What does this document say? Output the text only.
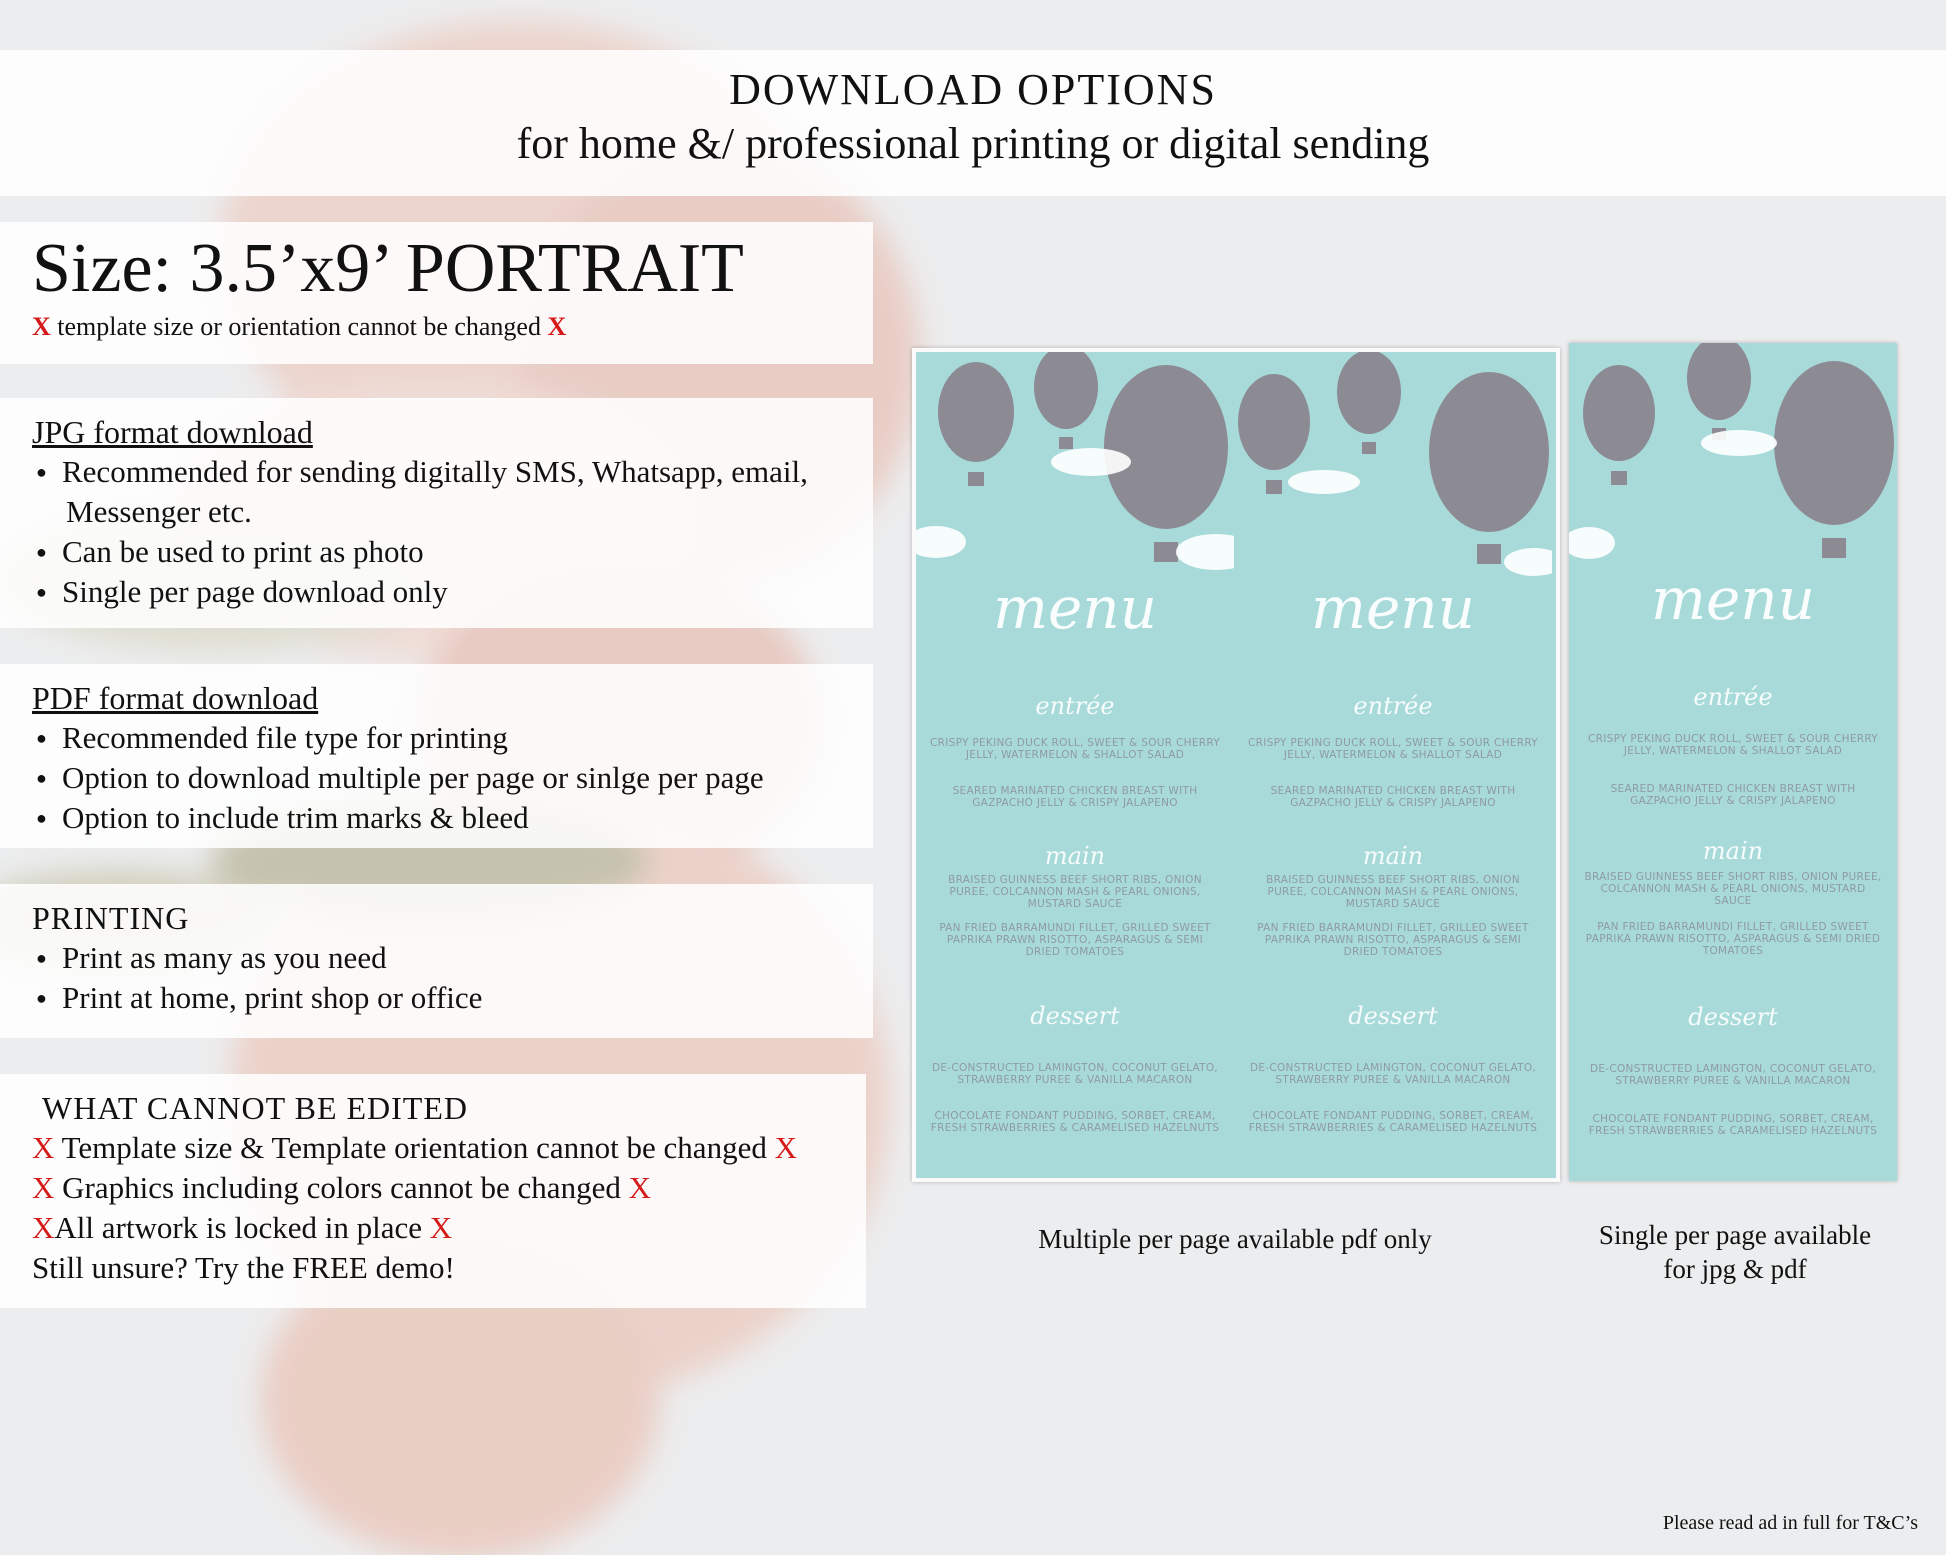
DOWNLOAD OPTIONS
for home &/ professional printing or digital sending
Size: 3.5’x9’ PORTRAIT
X template size or orientation cannot be changed X
JPG format download
● Recommended for sending digitally SMS, Whatsapp, email,
Messenger etc.
● Can be used to print as photo
● Single per page download only
PDF format download
● Recommended file type for printing
● Option to download multiple per page or sinlge per page
● Option to include trim marks & bleed
PRINTING
● Print as many as you need
● Print at home, print shop or office
WHAT CANNOT BE EDITED
X Template size & Template orientation cannot be changed X
X Graphics including colors cannot be changed X
XAll artwork is locked in place X
Still unsure? Try the FREE demo!
menu
entrée
CRISPY PEKING DUCK ROLL, SWEET & SOUR CHERRY JELLY, WATERMELON & SHALLOT SALAD
SEARED MARINATED CHICKEN BREAST WITH GAZPACHO JELLY & CRISPY JALAPENO
main
BRAISED GUINNESS BEEF SHORT RIBS, ONION PUREE, COLCANNON MASH & PEARL ONIONS, MUSTARD SAUCE
PAN FRIED BARRAMUNDI FILLET, GRILLED SWEET PAPRIKA PRAWN RISOTTO, ASPARAGUS & SEMI DRIED TOMATOES
dessert
DE-CONSTRUCTED LAMINGTON, COCONUT GELATO, STRAWBERRY PUREE & VANILLA MACARON
CHOCOLATE FONDANT PUDDING, SORBET, CREAM, FRESH STRAWBERRIES & CARAMELISED HAZELNUTS
menu
entrée
CRISPY PEKING DUCK ROLL, SWEET & SOUR CHERRY JELLY, WATERMELON & SHALLOT SALAD
SEARED MARINATED CHICKEN BREAST WITH GAZPACHO JELLY & CRISPY JALAPENO
main
BRAISED GUINNESS BEEF SHORT RIBS, ONION PUREE, COLCANNON MASH & PEARL ONIONS, MUSTARD SAUCE
PAN FRIED BARRAMUNDI FILLET, GRILLED SWEET PAPRIKA PRAWN RISOTTO, ASPARAGUS & SEMI DRIED TOMATOES
dessert
DE-CONSTRUCTED LAMINGTON, COCONUT GELATO, STRAWBERRY PUREE & VANILLA MACARON
CHOCOLATE FONDANT PUDDING, SORBET, CREAM, FRESH STRAWBERRIES & CARAMELISED HAZELNUTS
menu
entrée
CRISPY PEKING DUCK ROLL, SWEET & SOUR CHERRY JELLY, WATERMELON & SHALLOT SALAD
SEARED MARINATED CHICKEN BREAST WITH GAZPACHO JELLY & CRISPY JALAPENO
main
BRAISED GUINNESS BEEF SHORT RIBS, ONION PUREE, COLCANNON MASH & PEARL ONIONS, MUSTARD SAUCE
PAN FRIED BARRAMUNDI FILLET, GRILLED SWEET PAPRIKA PRAWN RISOTTO, ASPARAGUS & SEMI DRIED TOMATOES
dessert
DE-CONSTRUCTED LAMINGTON, COCONUT GELATO, STRAWBERRY PUREE & VANILLA MACARON
CHOCOLATE FONDANT PUDDING, SORBET, CREAM, FRESH STRAWBERRIES & CARAMELISED HAZELNUTS
Multiple per page available pdf only	Single per page available
for jpg & pdf
Please read ad in full for T&C’s
